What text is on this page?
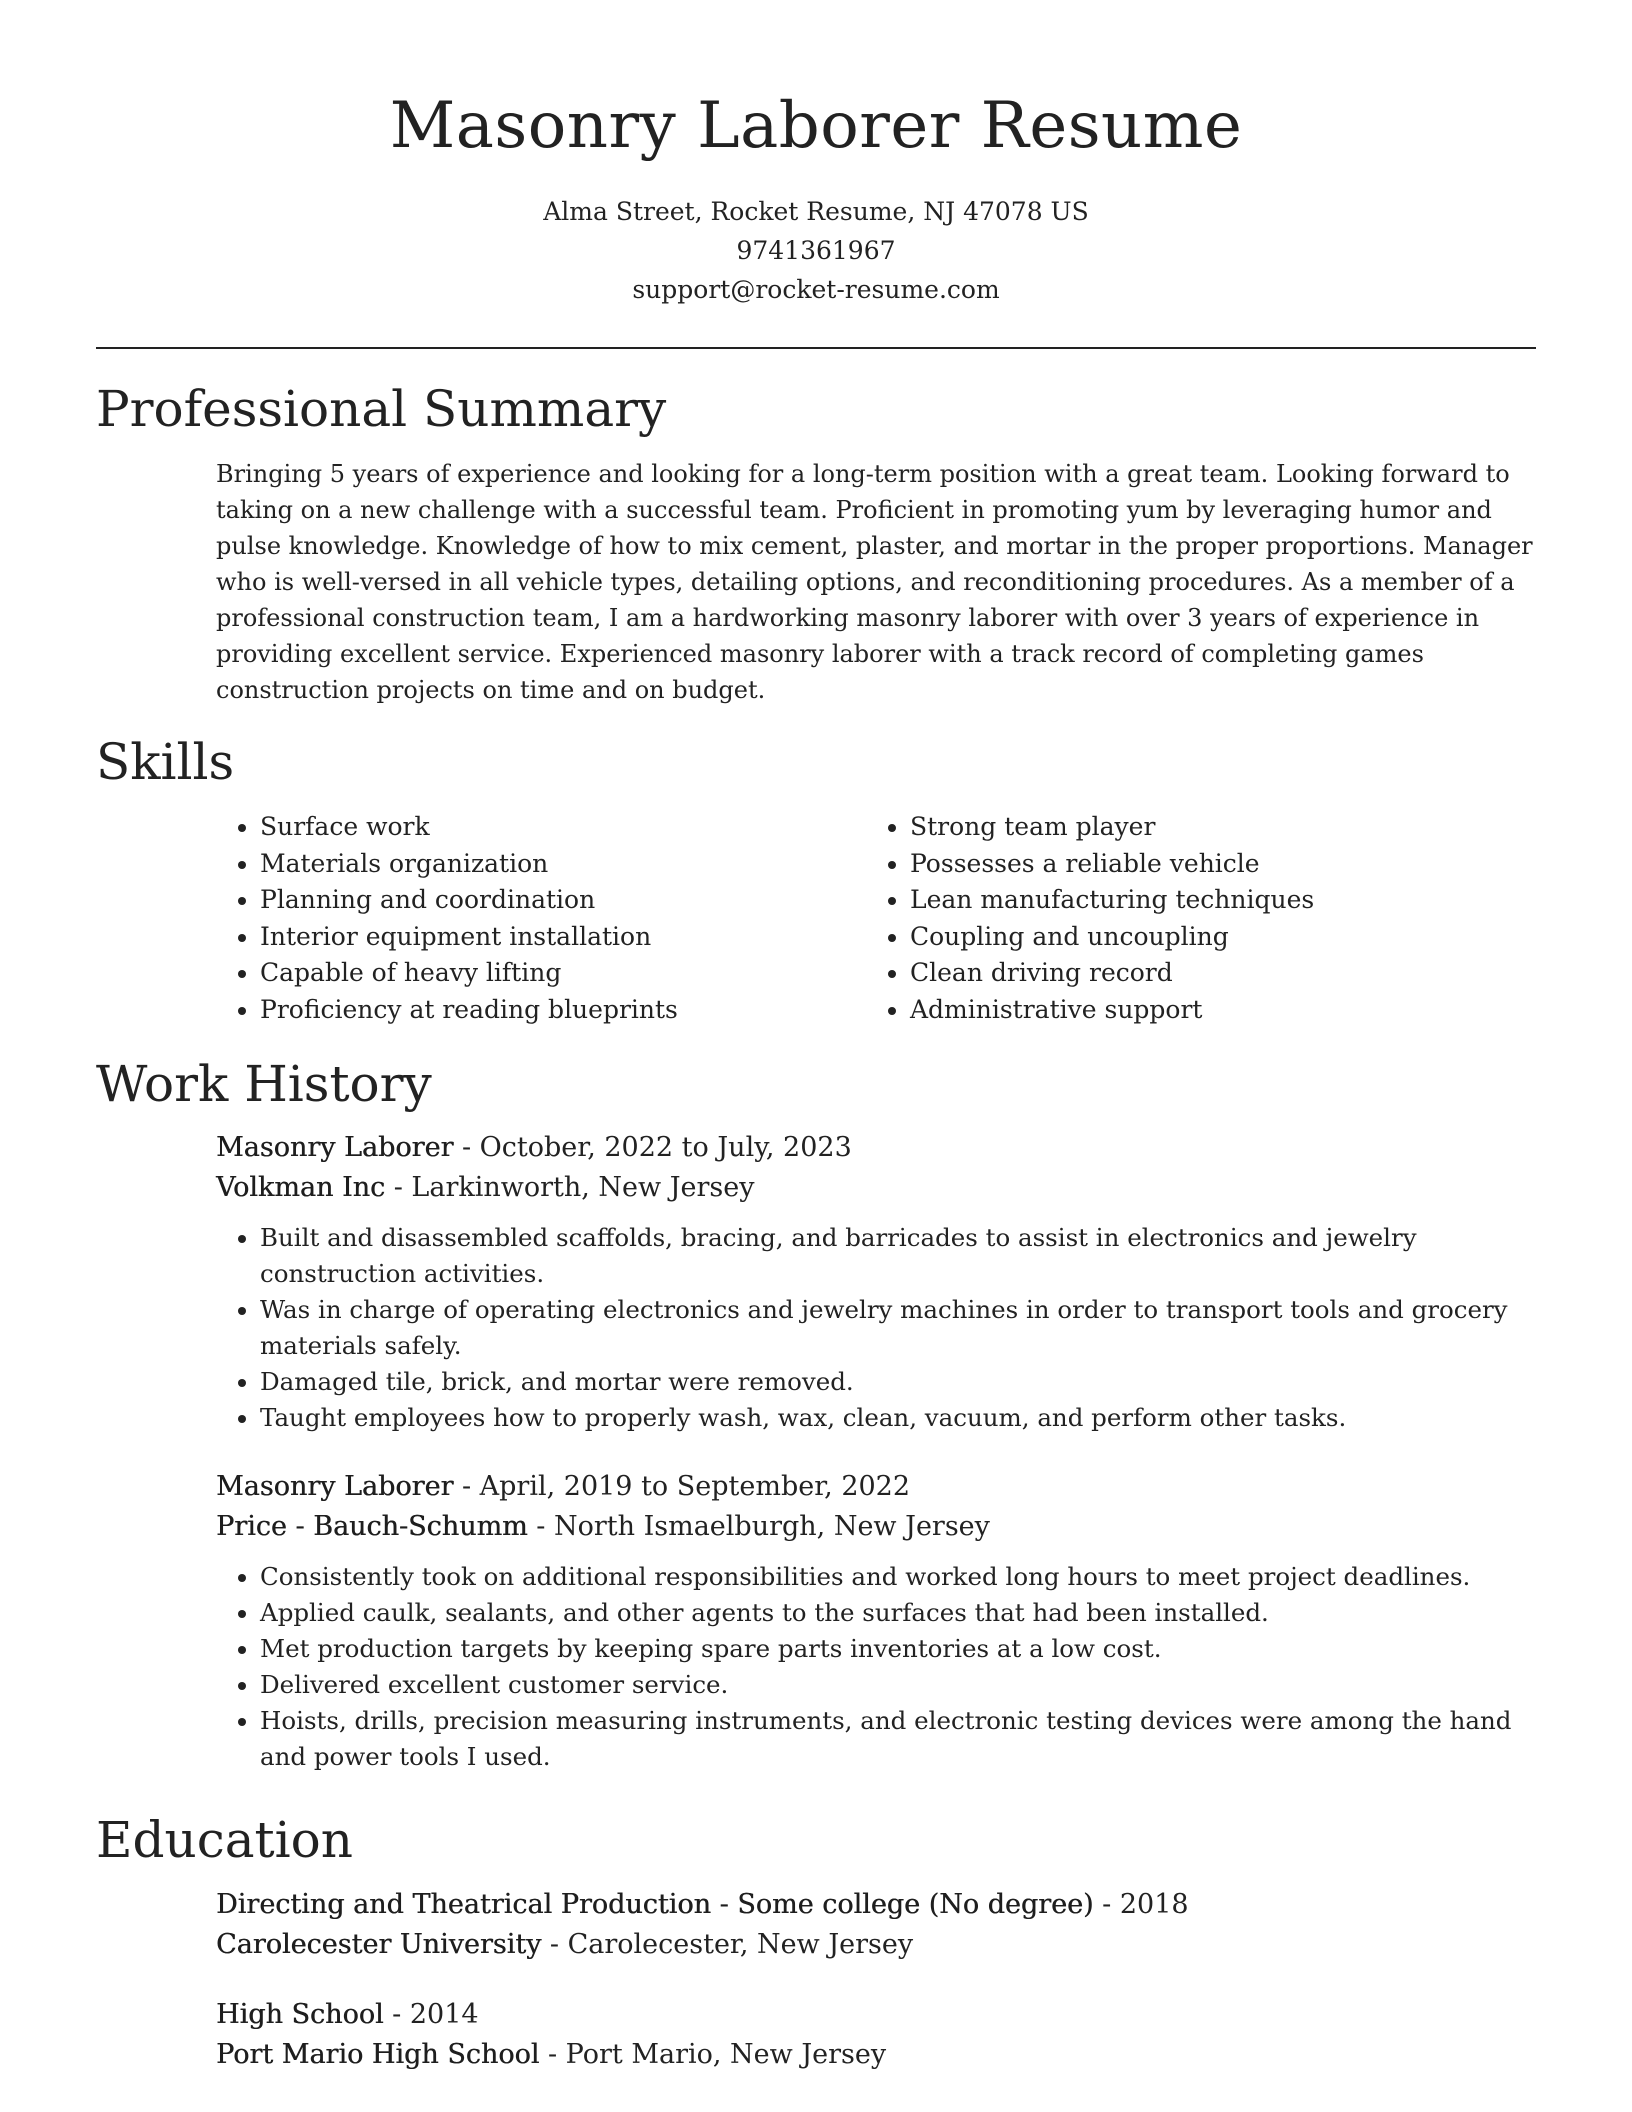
Masonry Laborer Resume
Alma Street, Rocket Resume, NJ 47078 US
9741361967
support@rocket-resume.com
Professional Summary

Bringing 5 years of experience and looking for a long-term position with a great team. Looking forward to taking on a new challenge with a successful team. Proficient in promoting yum by leveraging humor and pulse knowledge. Knowledge of how to mix cement, plaster, and mortar in the proper proportions. Manager who is well-versed in all vehicle types, detailing options, and reconditioning procedures. As a member of a professional construction team, I am a hardworking masonry laborer with over 3 years of experience in providing excellent service. Experienced masonry laborer with a track record of completing games construction projects on time and on budget.

Skills
• Surface work
• Materials organization
• Planning and coordination
• Interior equipment installation
• Capable of heavy lifting
• Proficiency at reading blueprints
• Strong team player
• Possesses a reliable vehicle
• Lean manufacturing techniques
• Coupling and uncoupling
• Clean driving record
• Administrative support
Work History

Masonry Laborer - October, 2022 to July, 2023

Volkman Inc - Larkinworth, New Jersey

• Built and disassembled scaffolds, bracing, and barricades to assist in electronics and jewelry construction activities.
• Was in charge of operating electronics and jewelry machines in order to transport tools and grocery materials safely.
• Damaged tile, brick, and mortar were removed.
• Taught employees how to properly wash, wax, clean, vacuum, and perform other tasks.

Masonry Laborer - April, 2019 to September, 2022

Price - Bauch-Schumm - North Ismaelburgh, New Jersey

• Consistently took on additional responsibilities and worked long hours to meet project deadlines.
• Applied caulk, sealants, and other agents to the surfaces that had been installed.
• Met production targets by keeping spare parts inventories at a low cost.
• Delivered excellent customer service.
• Hoists, drills, precision measuring instruments, and electronic testing devices were among the hand and power tools I used.
Education

Directing and Theatrical Production - Some college (No degree) - 2018

Carolecester University - Carolecester, New Jersey

High School - 2014

Port Mario High School - Port Mario, New Jersey
